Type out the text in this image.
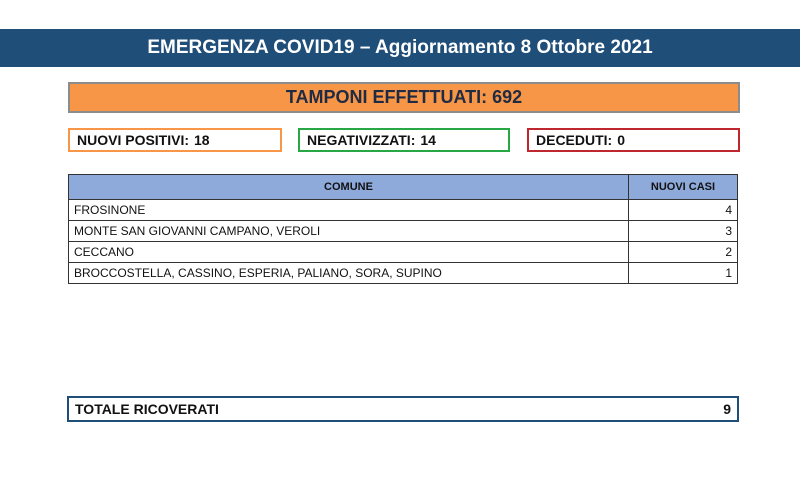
EMERGENZA COVID19 – Aggiornamento 8 Ottobre 2021
TAMPONI EFFETTUATI:
692
NUOVI POSITIVI: 18	NEGATIVIZZATI: 14	DECEDUTI: 0
COMUNE	NUOVI CASI
FROSINONE	4
MONTE SAN GIOVANNI CAMPANO, VEROLI	3
CECCANO	2
BROCCOSTELLA, CASSINO, ESPERIA, PALIANO, SORA, SUPINO	1
TOTALE RICOVERATI	9
